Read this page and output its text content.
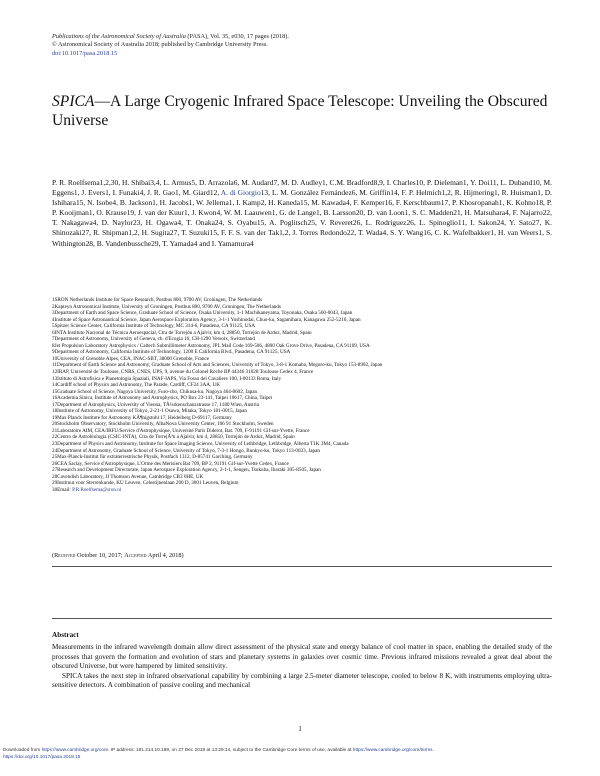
Publications of the Astronomical Society of Australia (PASA), Vol. 35, e030, 17 pages (2018).
© Astronomical Society of Australia 2018; published by Cambridge University Press.
doi:10.1017/pasa.2018.15
SPICA—A Large Cryogenic Infrared Space Telescope: Unveiling the Obscured Universe
P. R. Roelfsema1,2,30, H. Shibai3,4, L. Armus5, D. Arrazola6, M. Audard7, M. D. Audley1, C.M. Bradford8,9, I. Charles10, P. Dieleman1, Y. Doi11, L. Duband10, M. Eggens1, J. Evers1, I. Funaki4, J. R. Gao1, M. Giard12, A. di Giorgio13, L. M. González Fernández6, M. Griffin14, F. P. Helmich1,2, R. Hijmering1, R. Huisman1, D. Ishihara15, N. Isobe4, B. Jackson1, H. Jacobs1, W. Jellema1, I. Kamp2, H. Kaneda15, M. Kawada4, F. Kemper16, F. Kerschbaum17, P. Khosropanah1, K. Kohno18, P. P. Kooijman1, O. Krause19, J. van der Kuur1, J. Kwon4, W. M. Laauwen1, G. de Lange1, B. Larsson20, D. van Loon1, S. C. Madden21, H. Matsuhara4, F. Najarro22, T. Nakagawa4, D. Naylor23, H. Ogawa4, T. Onaka24, S. Oyabu15, A. Poglitsch25, V. Reveret26, L. Rodriguez26, L. Spinoglio11, I. Sakon24, Y. Sato27, K. Shinozaki27, R. Shipman1,2, H. Sugita27, T. Suzuki15, F. F. S. van der Tak1,2, J. Torres Redondo22, T. Wada4, S. Y. Wang16, C. K. Wafelbakker1, H. van Weers1, S. Withington28, B. Vandenbussche29, T. Yamada4 and I. Yamamura4
1SRON Netherlands Institute for Space Research, Postbus 800, 9700 AV, Groningen, The Netherlands
2Kapteyn Astronomical Institute, University of Groningen, Postbus 800, 9700 AV, Groningen, The Netherlands
3Department of Earth and Space Science, Graduate School of Science, Osaka University, 1-1 Machikaneyama, Toyonaka, Osaka 560-0043, Japan
4Institute of Space Astronautical Science, Japan Aerospace Exploration Agency, 3-1-1 Yoshinodai, Chuo-ku, Sagamihara, Kanagawa 252-5210, Japan
5Spitzer Science Center, California Institute of Technology, MC 314-6, Pasadena, CA 91125, USA
6INTA Instituto Nacional de Técnica Aeroespacial, Ctra de Torrejón a Ajalvir, km 4, 28850, Torrejón de Ardoz, Madrid, Spain
7Department of Astronomy, University of Geneva, ch. d'Ecogia 16, CH-1290 Versoix, Switzerland
8Jet Propulsion Laboratory Astrophysics / Caltech Submillimeter Astronomy, JPL Mail Code 169-506, 4800 Oak Grove Drive, Pasadena, CA 91109, USA
9Department of Astronomy, California Institute of Technology, 1200 E California Blvd., Pasadena, CA 91125, USA
10University of Grenoble Alpes, CEA, INAC-SBT, 38000 Grenoble, France
11Department of Earth Science and Astronomy, Graduate School of Arts and Sciences, University of Tokyo, 3-8-1 Komaba, Meguro-ku, Tokyo 153-8902, Japan
12IRAP, Université de Toulouse, CNRS, CNES, UPS, 9, avenue du Colonel Roche BP 44346 31028 Toulouse Cedex 4, France
13Istituto di Astrofisica e Planetologia Spaziali, INAF-IAPS, Via Fosso del Cavaliere 100, I-00133 Roma, Italy
14Cardiff school of Physics and Astronomy, The Parade, Cardiff, CF24 3AA, UK
15Graduate School of Science, Nagoya University, Furo-cho, Chikusa-ku, Nagoya 464-8602, Japan
16Academia Sinica, Institute of Astronomy and Astrophysics, PO Box 23-141, Taipei 10617, China, Taipei
17Department of Astrophysics, University of Vienna, TÃ¼rkenschanzstrasse 17, 1180 Wien, Austria
18Institute of Astronomy, University of Tokyo, 2-21-1 Osawa, Mitaka, Tokyo 181-0015, Japan
19Max Planck Institute for Astronomy KÃ¶nigstuhl 17, Heidelberg D-69117, Germany
20Stockholm Observatory, Stockholm University, AlbaNova University Center, 106 91 Stockholm, Sweden
21Laboratoire AIM, CEA/IRFU/Service d'Astrophysique, Université Paris Diderot, Bat. 709, F-91191 Gif-sur-Yvette, France
22Centro de Astrobiología (CSIC-INTA), Ctra de TorrejÃ³n a Ajalvir, km 4, 28850, Torrejón de Ardoz, Madrid, Spain
23Department of Physics and Astronomy, Institute for Space Imaging Science, University of Lethbridge, Lethbridge, Alberta T1K 3M4, Canada
24Department of Astronomy, Graduate School of Science, University of Tokyo, 7-3-1 Hongo, Bunkyo-ku, Tokyo 113-0033, Japan
25Max-Planck-Institut für extraterrestrische Physik, Postfach 1312, D-85741 Garching, Germany
26CEA Saclay, Service d'Astrophysique, L'Orme des Merisiers Bat 709, BP 2, 91191 Gif-sur-Yvette Cedex, France
27Research and Development Directorate, Japan Aerospace Exploration Agency, 2-1-1, Sengen, Tsukuba, Ibaraki 305-8505, Japan
28Cavendish Laboratory, JJ Thomson Avenue, Cambridge CB3 0HE, UK
29Instituut voor Sterrenkunde, KU Leuven, Celestijnenlaan 200 D, 3001 Leuven, Belgium
30Email: P.R.Roelfsema@sron.nl
(Received October 10, 2017; Accepted April 4, 2018)
Abstract

Measurements in the infrared wavelength domain allow direct assessment of the physical state and energy balance of cool matter in space, enabling the detailed study of the processes that govern the formation and evolution of stars and planetary systems in galaxies over cosmic time. Previous infrared missions revealed a great deal about the obscured Universe, but were hampered by limited sensitivity.

SPICA takes the next step in infrared observational capability by combining a large 2.5-meter diameter telescope, cooled to below 8 K, with instruments employing ultra-sensitive detectors. A combination of passive cooling and mechanical

1
Downloaded from https://www.cambridge.org/core. IP address: 181.214.10.189, on 27 Dec 2018 at 13:29:14, subject to the Cambridge Core terms of use, available at https://www.cambridge.org/core/terms.
https://doi.org/10.1017/pasa.2018.15
